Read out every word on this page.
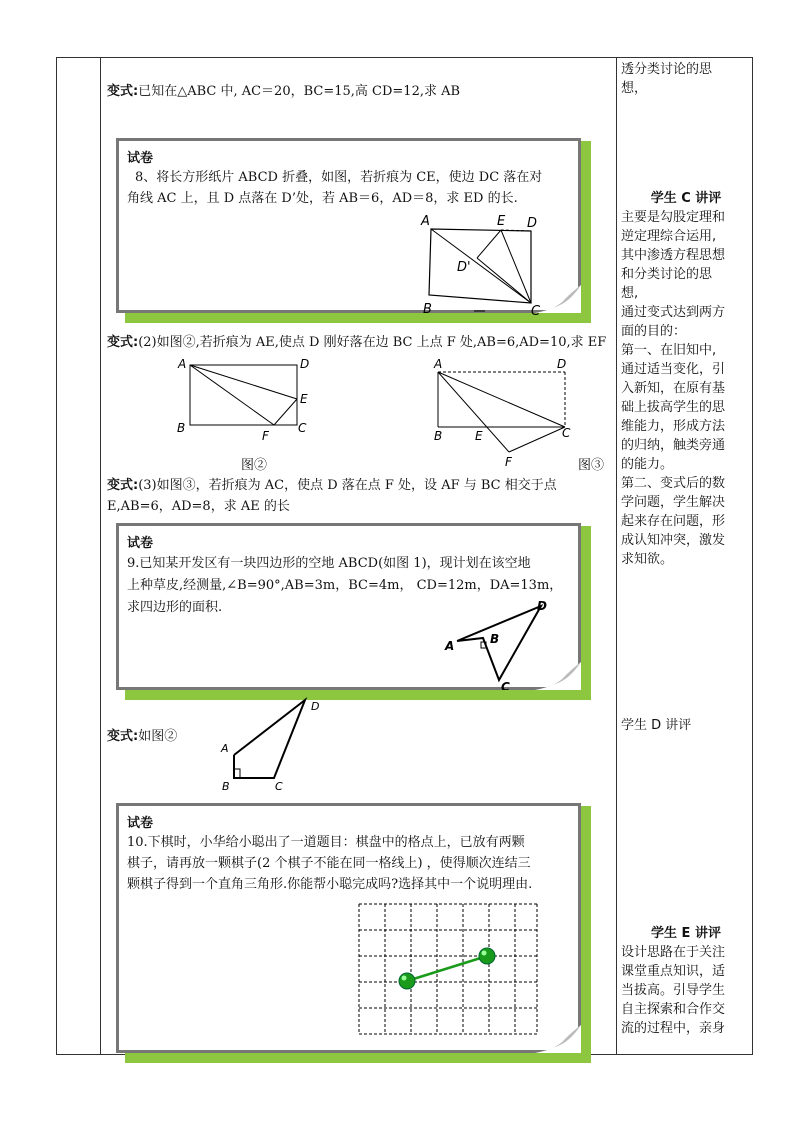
变式:已知在△ABC 中, AC＝20，BC=15,高 CD=12,求 AB
试卷
8、将长方形纸片 ABCD 折叠，如图，若折痕为 CE，使边 DC 落在对
角线 AC 上，且 D 点落在 D’处，若 AB＝6，AD＝8，求 ED 的长.
A	E D
D'
B	C
变式:(2)如图②,若折痕为 AE,使点 D 刚好落在边 BC 上点 F 处,AB=6,AD=10,求 EF
A	D
E
B
F
C
图②
A	D
B	E	C
F	图③
变式:(3)如图③，若折痕为 AC，使点 D 落在点 F 处，设 AF 与 BC 相交于点
E,AB=6，AD=8，求 AE 的长
试卷
9.已知某开发区有一块四边形的空地 ABCD(如图 1)，现计划在该空地
上种草皮,经测量,∠B=90°,AB=3m，BC=4m， CD=12m，DA=13m，
求四边形的面积.
A	B
C
D
变式:如图②
D
A
B	C
试卷
10.下棋时，小华给小聪出了一道题目：棋盘中的格点上，已放有两颗
棋子，请再放一颗棋子(2 个棋子不能在同一格线上) ，使得顺次连结三
颗棋子得到一个直角三角形.你能帮小聪完成吗?选择其中一个说明理由.
透分类讨论的思
想，
学生 C 讲评
主要是勾股定理和
逆定理综合运用,
其中渗透方程思想
和分类讨论的思
想,
通过变式达到两方
面的目的：
第一、在旧知中,
通过适当变化，引
入新知，在原有基
础上拔高学生的思
维能力，形成方法
的归纳，触类旁通
的能力。
第二、变式后的数
学问题，学生解决
起来存在问题，形
成认知冲突，激发
求知欲。
学生 D 讲评
学生 E 讲评
设计思路在于关注
课堂重点知识，适
当拔高。引导学生
自主探索和合作交
流的过程中，亲身
